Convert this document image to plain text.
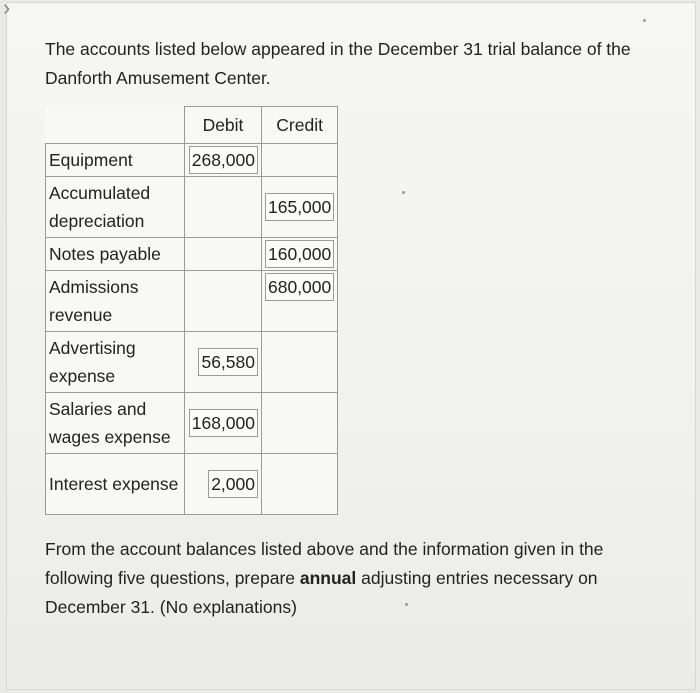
›

The accounts listed below appeared in the December 31 trial balance of the Danforth Amusement Center.

	Debit	Credit
Equipment	268,000	
Accumulated depreciation		165,000
Notes payable		160,000
Admissions revenue		680,000
Advertising expense	56,580	
Salaries and wages expense	168,000	
Interest expense	2,000	

From the account balances listed above and the information given in the following five questions, prepare annual adjusting entries necessary on December 31. (No explanations)
